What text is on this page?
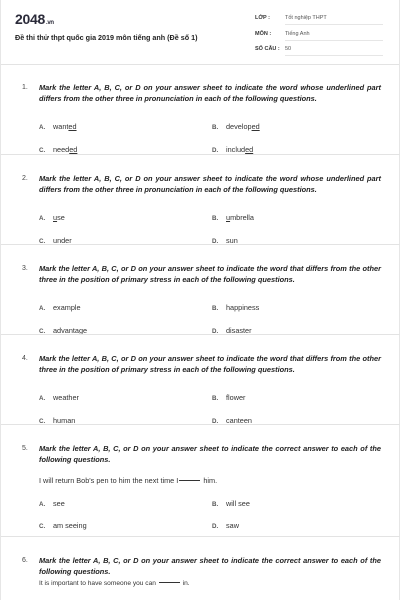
2048.vn
Đề thi thử thpt quốc gia 2019 môn tiếng anh (Đề số 1)
LỚP :	Tốt nghiệp THPT
MÔN :	Tiếng Anh
SỐ CÂU : 50
1. Mark the letter A, B, C, or D on your answer sheet to indicate the word whose underlined part differs from the other three in pronunciation in each of the following questions.
A. wanted	B. developed
C. needed	D. included
2. Mark the letter A, B, C, or D on your answer sheet to indicate the word whose underlined part differs from the other three in pronunciation in each of the following questions.
A. use	B. umbrella
C. under	D. sun
3. Mark the letter A, B, C, or D on your answer sheet to indicate the word that differs from the other three in the position of primary stress in each of the following questions.
A. example	B. happiness
C. advantage	D. disaster
4. Mark the letter A, B, C, or D on your answer sheet to indicate the word that differs from the other three in the position of primary stress in each of the following questions.
A. weather	B. flower
C. human	D. canteen
5. Mark the letter A, B, C, or D on your answer sheet to indicate the correct answer to each of the following questions.
I will return Bob's pen to him the next time I	him.
A. see	B. will see
C. am seeing	D. saw
6. Mark the letter A, B, C, or D on your answer sheet to indicate the correct answer to each of the following questions.
It is important to have someone you can	in.
